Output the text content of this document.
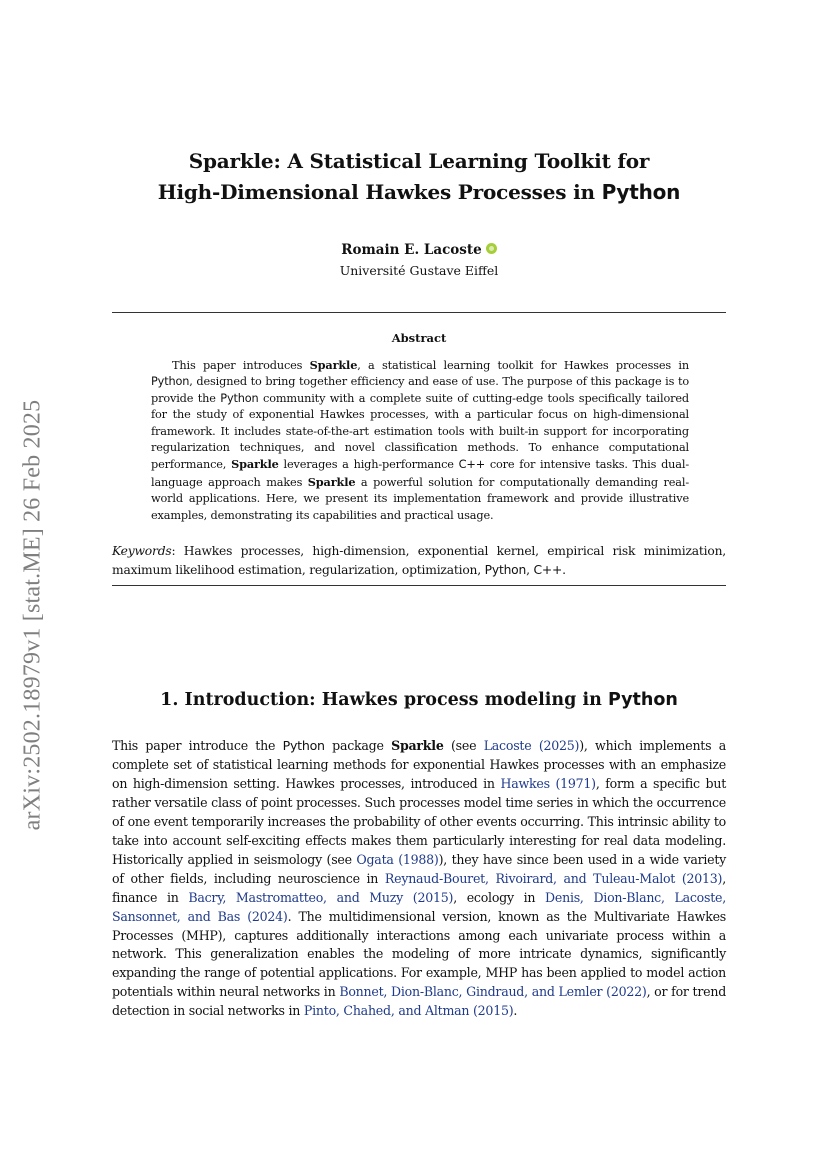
arXiv:2502.18979v1 [stat.ME] 26 Feb 2025
Sparkle: A Statistical Learning Toolkit for
High-Dimensional Hawkes Processes in Python
Romain E. Lacoste
Université Gustave Eiffel
Abstract
This paper introduces Sparkle, a statistical learning toolkit for Hawkes processes in Python, designed to bring together efficiency and ease of use. The purpose of this package is to provide the Python community with a complete suite of cutting-edge tools specifically tailored for the study of exponential Hawkes processes, with a particular focus on high-dimensional framework. It includes state-of-the-art estimation tools with built-in support for incorporating regularization techniques, and novel classification methods. To enhance computational performance, Sparkle leverages a high-performance C++ core for intensive tasks. This dual-language approach makes Sparkle a powerful solution for computationally demanding real-world applications. Here, we present its implementation framework and provide illustrative examples, demonstrating its capabilities and practical usage.
Keywords: Hawkes processes, high-dimension, exponential kernel, empirical risk minimization, maximum likelihood estimation, regularization, optimization, Python, C++.
1. Introduction: Hawkes process modeling in Python
This paper introduce the Python package Sparkle (see Lacoste (2025)), which implements a complete set of statistical learning methods for exponential Hawkes processes with an emphasize on high-dimension setting. Hawkes processes, introduced in Hawkes (1971), form a specific but rather versatile class of point processes. Such processes model time series in which the occurrence of one event temporarily increases the probability of other events occurring. This intrinsic ability to take into account self-exciting effects makes them particularly interesting for real data modeling. Historically applied in seismology (see Ogata (1988)), they have since been used in a wide variety of other fields, including neuroscience in Reynaud-Bouret, Rivoirard, and Tuleau-Malot (2013), finance in Bacry, Mastromatteo, and Muzy (2015), ecology in Denis, Dion-Blanc, Lacoste, Sansonnet, and Bas (2024). The multidimensional version, known as the Multivariate Hawkes Processes (MHP), captures additionally interactions among each univariate process within a network. This generalization enables the modeling of more intricate dynamics, significantly expanding the range of potential applications. For example, MHP has been applied to model action potentials within neural networks in Bonnet, Dion-Blanc, Gindraud, and Lemler (2022), or for trend detection in social networks in Pinto, Chahed, and Altman (2015).
